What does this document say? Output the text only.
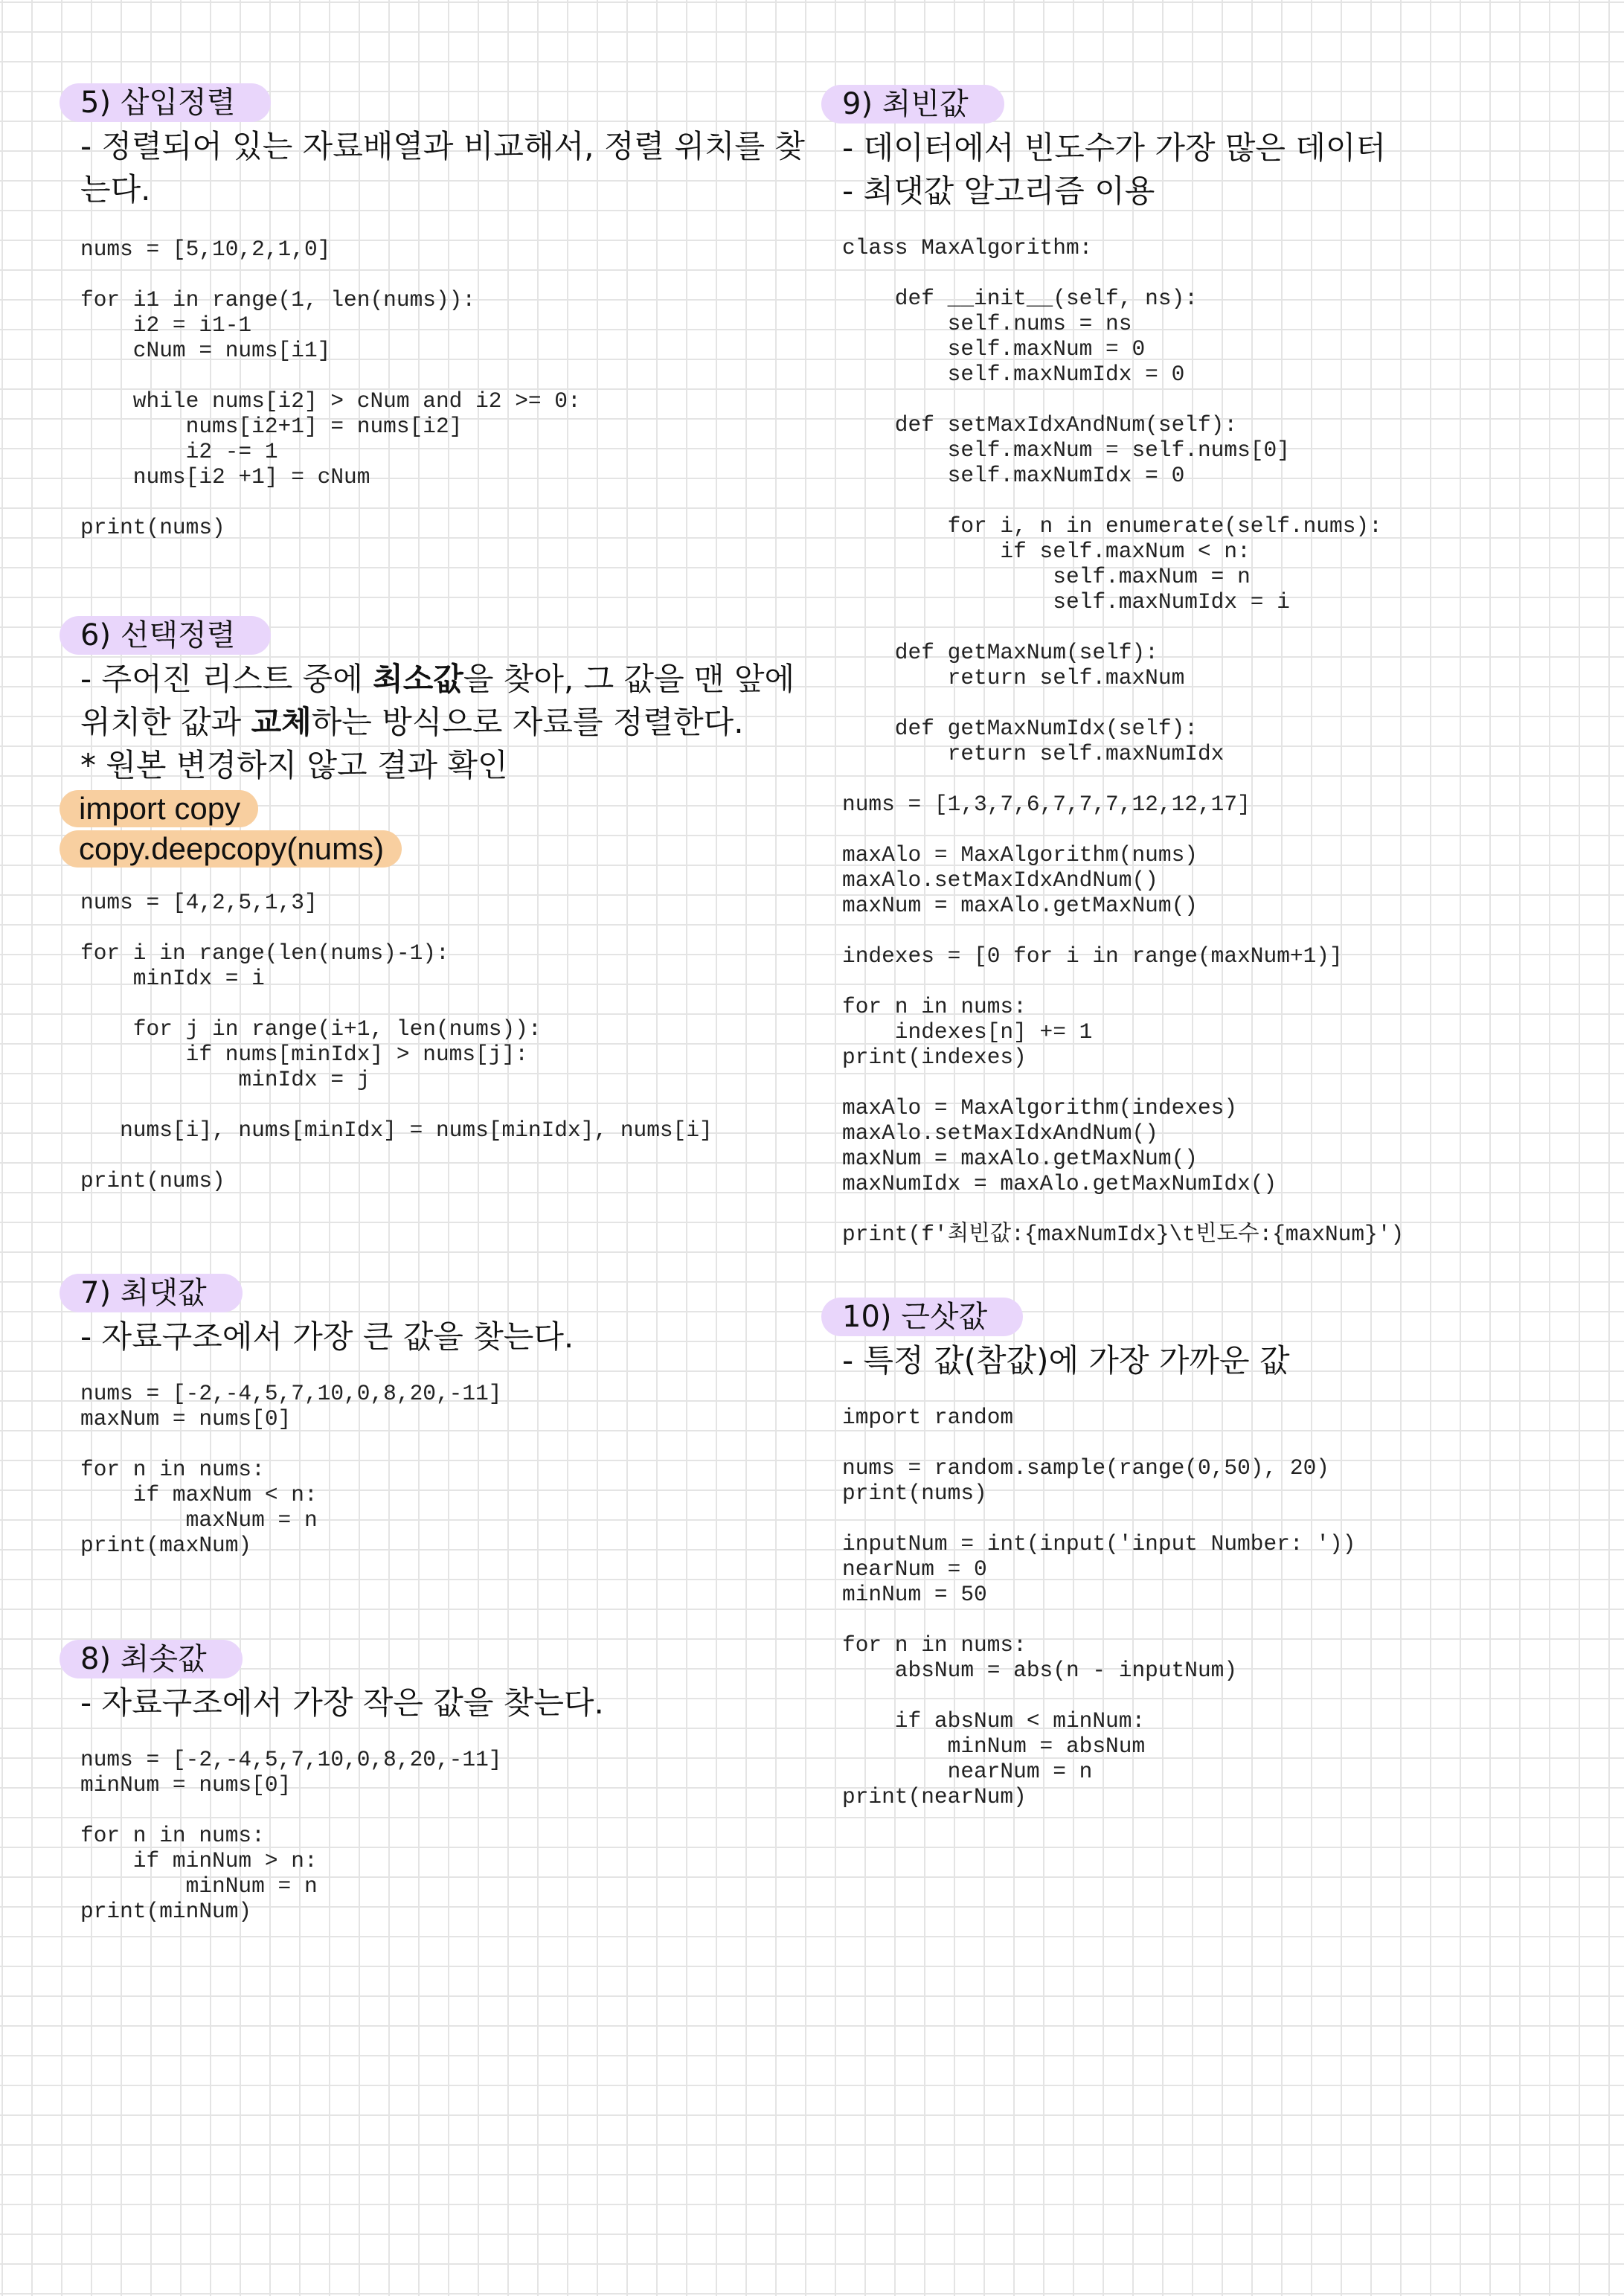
5) 삽입정렬
- 정렬되어 있는 자료배열과 비교해서, 정렬 위치를 찾
는다.
nums = [5,10,2,1,0]

for i1 in range(1, len(nums)):
i2 = i1-1
cNum = nums[i1]

while nums[i2] > cNum and i2 >= 0:
nums[i2+1] = nums[i2]
i2 -= 1
nums[i2 +1] = cNum

print(nums)
6) 선택정렬
- 주어진 리스트 중에 최소값을 찾아, 그 값을 맨 앞에
위치한 값과 교체하는 방식으로 자료를 정렬한다.
* 원본 변경하지 않고 결과 확인
import copy
copy.deepcopy(nums)
nums = [4,2,5,1,3]

for i in range(len(nums)-1):
minIdx = i

for j in range(i+1, len(nums)):
if nums[minIdx] > nums[j]:
minIdx = j

nums[i], nums[minIdx] = nums[minIdx], nums[i]

print(nums)
7) 최댓값
- 자료구조에서 가장 큰 값을 찾는다.
nums = [-2,-4,5,7,10,0,8,20,-11]
maxNum = nums[0]

for n in nums:
if maxNum < n:
maxNum = n
print(maxNum)
8) 최솟값
- 자료구조에서 가장 작은 값을 찾는다.
nums = [-2,-4,5,7,10,0,8,20,-11]
minNum = nums[0]

for n in nums:
if minNum > n:
minNum = n
print(minNum)
9) 최빈값
- 데이터에서 빈도수가 가장 많은 데이터
- 최댓값 알고리즘 이용
class MaxAlgorithm:

def __init__(self, ns):
self.nums = ns
self.maxNum = 0
self.maxNumIdx = 0

def setMaxIdxAndNum(self):
self.maxNum = self.nums[0]
self.maxNumIdx = 0

for i, n in enumerate(self.nums):
if self.maxNum < n:
self.maxNum = n
self.maxNumIdx = i

def getMaxNum(self):
return self.maxNum

def getMaxNumIdx(self):
return self.maxNumIdx

nums = [1,3,7,6,7,7,7,12,12,17]

maxAlo = MaxAlgorithm(nums)
maxAlo.setMaxIdxAndNum()
maxNum = maxAlo.getMaxNum()

indexes = [0 for i in range(maxNum+1)]

for n in nums:
indexes[n] += 1
print(indexes)

maxAlo = MaxAlgorithm(indexes)
maxAlo.setMaxIdxAndNum()
maxNum = maxAlo.getMaxNum()
maxNumIdx = maxAlo.getMaxNumIdx()

print(f'최빈값:{maxNumIdx}\t빈도수:{maxNum}')
10) 근삿값
- 특정 값(참값)에 가장 가까운 값
import random

nums = random.sample(range(0,50), 20)
print(nums)

inputNum = int(input('input Number: '))
nearNum = 0
minNum = 50

for n in nums:
absNum = abs(n - inputNum)

if absNum < minNum:
minNum = absNum
nearNum = n
print(nearNum)
